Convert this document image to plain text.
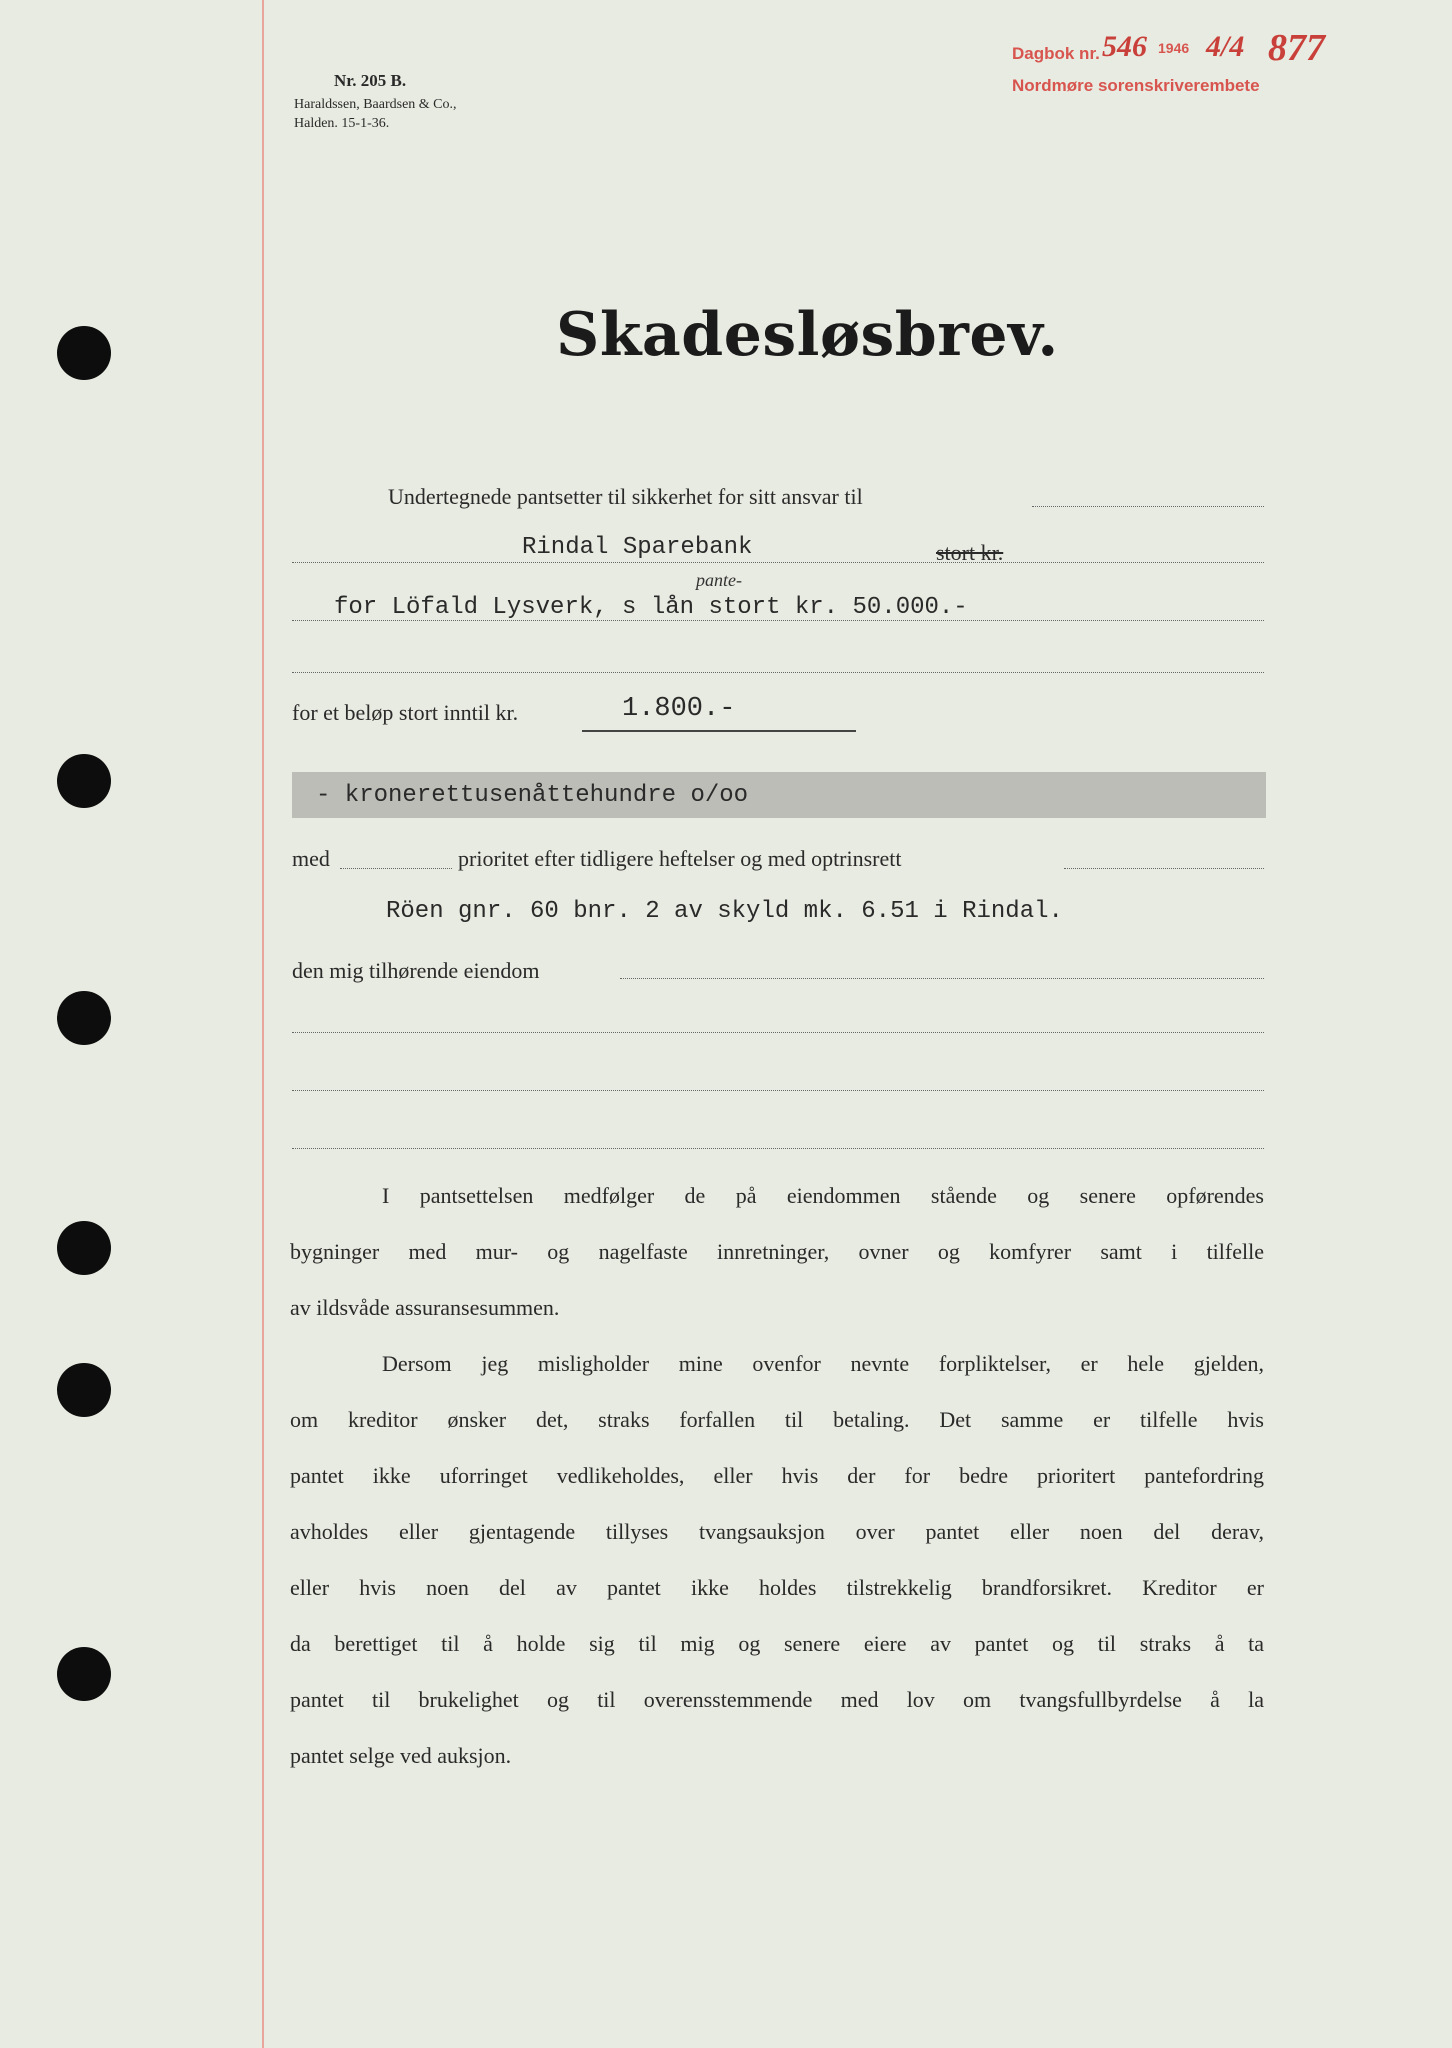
Nr. 205 B.
Haraldssen, Baardsen & Co.,
Halden. 15-1-36.
Dagbok nr. 546 1946 4/4 877
Nordmøre sorenskriverembete
Skadesløsbrev.
Undertegnede pantsetter til sikkerhet for sitt ansvar til
Rindal Sparebank	stort kr.
pante-
for Löfald Lysverk, s lån stort kr. 50.000.-
for et beløp stort inntil kr.	1.800.-
- kronerettusenåttehundre o/oo
med	prioritet efter tidligere heftelser og med optrinsrett
Röen gnr. 60 bnr. 2 av skyld mk. 6.51 i Rindal.
den mig tilhørende eiendom
I pantsettelsen medfølger de på eiendommen stående og senere opførendes
bygninger med mur- og nagelfaste innretninger, ovner og komfyrer samt i tilfelle
av ildsvåde assuransesummen.
Dersom jeg misligholder mine ovenfor nevnte forpliktelser, er hele gjelden,
om kreditor ønsker det, straks forfallen til betaling. Det samme er tilfelle hvis
pantet ikke uforringet vedlikeholdes, eller hvis der for bedre prioritert pantefordring
avholdes eller gjentagende tillyses tvangsauksjon over pantet eller noen del derav,
eller hvis noen del av pantet ikke holdes tilstrekkelig brandforsikret. Kreditor er
da berettiget til å holde sig til mig og senere eiere av pantet og til straks å ta
pantet til brukelighet og til overensstemmende med lov om tvangsfullbyrdelse å la
pantet selge ved auksjon.
